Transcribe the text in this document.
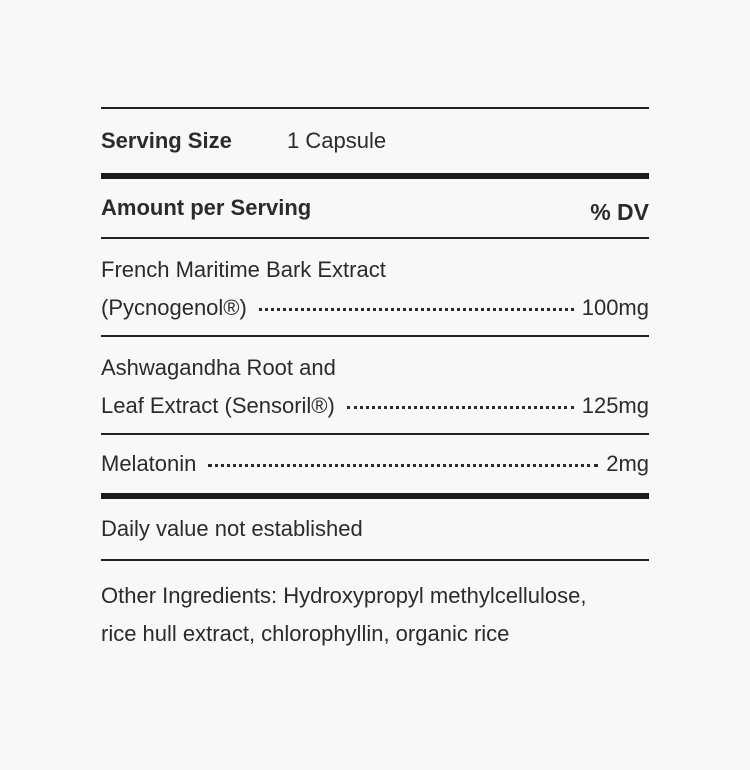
Serving Size	1 Capsule
Amount per Serving	% DV
French Maritime Bark Extract
(Pycnogenol®)	100mg
Ashwagandha Root and
Leaf Extract (Sensoril®)	125mg
Melatonin	2mg
Daily value not established
Other Ingredients: Hydroxypropyl methylcellulose,
rice hull extract, chlorophyllin, organic rice
